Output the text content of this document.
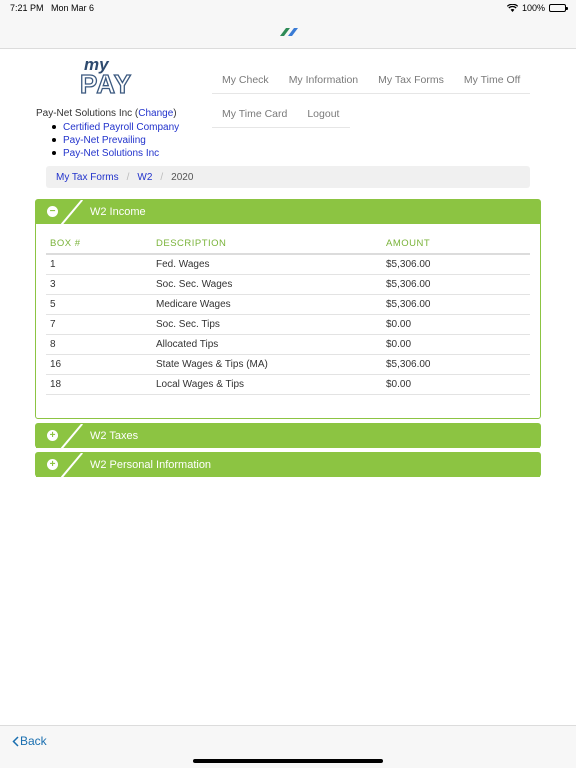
7:21 PM Mon Mar 6	100%
my
PAY	My Check	My Information	My Tax Forms	My Time Off
My Time Card	Logout
Pay-Net Solutions Inc (Change)
Certified Payroll Company
Pay-Net Prevailing
Pay-Net Solutions Inc
My Tax Forms / W2 / 2020
−	W2 Income
BOX #	DESCRIPTION	AMOUNT
1	Fed. Wages	$5,306.00
3	Soc. Sec. Wages	$5,306.00
5	Medicare Wages	$5,306.00
7	Soc. Sec. Tips	$0.00
8	Allocated Tips	$0.00
16	State Wages & Tips (MA)	$5,306.00
18	Local Wages & Tips	$0.00
+	W2 Taxes
+	W2 Personal Information
Back
